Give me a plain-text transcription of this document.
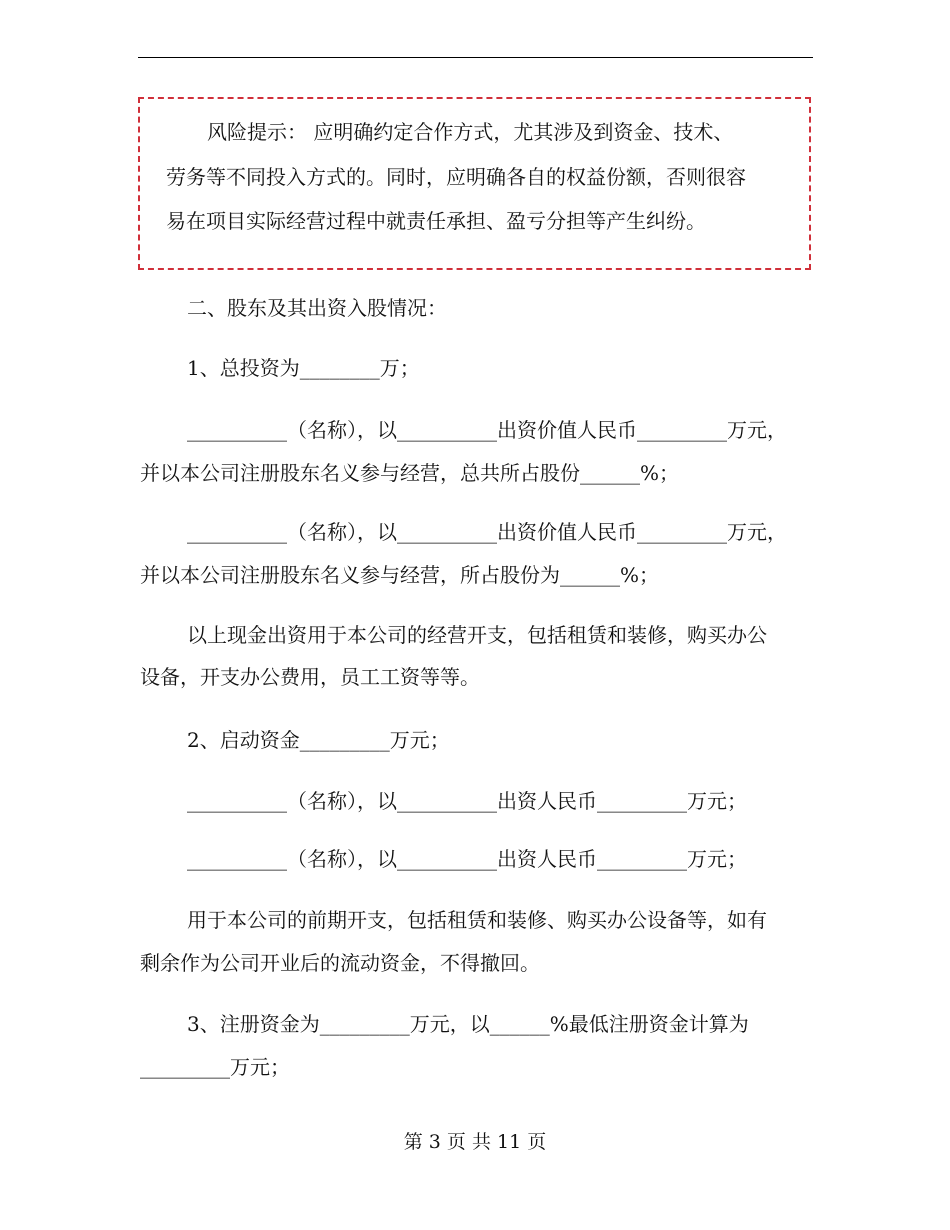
风险提示： 应明确约定合作方式，尤其涉及到资金、技术、
劳务等不同投入方式的。同时，应明确各自的权益份额，否则很容
易在项目实际经营过程中就责任承担、盈亏分担等产生纠纷。
二、股东及其出资入股情况：
1、总投资为________万；
__________（名称），以__________出资价值人民币_________万元，
并以本公司注册股东名义参与经营，总共所占股份______%；
__________（名称），以__________出资价值人民币_________万元，
并以本公司注册股东名义参与经营，所占股份为______%；
以上现金出资用于本公司的经营开支，包括租赁和装修，购买办公
设备，开支办公费用，员工工资等等。
2、启动资金_________万元；
__________（名称），以__________出资人民币_________万元；
__________（名称），以__________出资人民币_________万元；
用于本公司的前期开支，包括租赁和装修、购买办公设备等，如有
剩余作为公司开业后的流动资金，不得撤回。
3、注册资金为_________万元，以______%最低注册资金计算为
_________万元；
第 3 页 共 11 页
